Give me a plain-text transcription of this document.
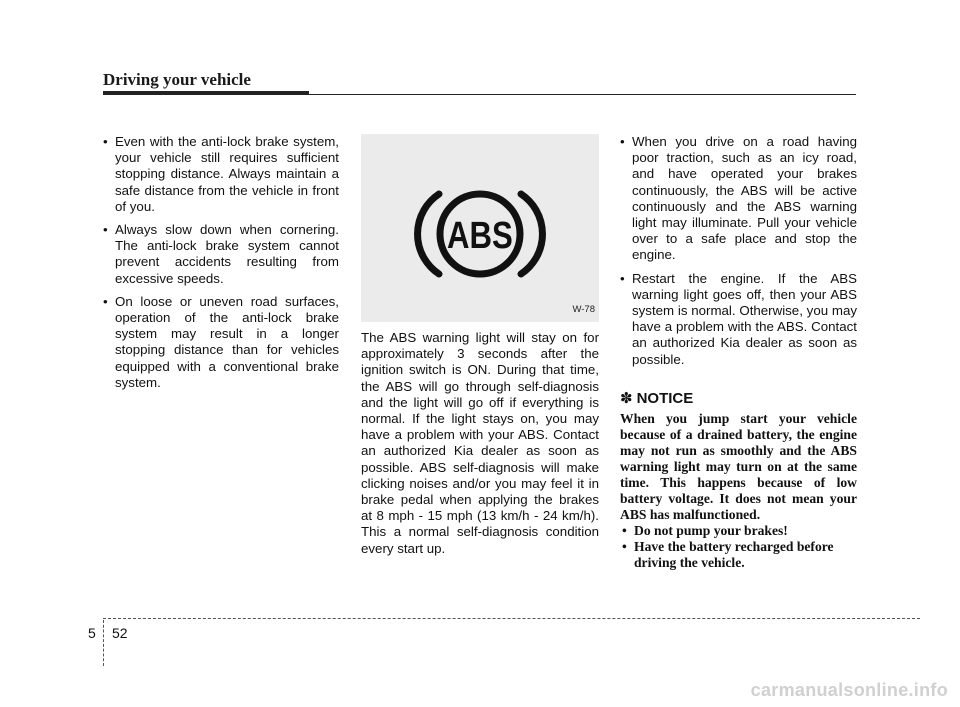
Driving your vehicle
• Even with the anti-lock brake system, your vehicle still requires sufficient stopping distance. Always maintain a safe distance from the vehicle in front of you.
• Always slow down when cornering. The anti-lock brake system cannot prevent accidents resulting from excessive speeds.
• On loose or uneven road surfaces, operation of the anti-lock brake system may result in a longer stopping distance than for vehicles equipped with a conventional brake system.
ABS
W-78

The ABS warning light will stay on for approximately 3 seconds after the ignition switch is ON. During that time, the ABS will go through self-diagnosis and the light will go off if everything is normal. If the light stays on, you may have a problem with your ABS. Contact an authorized Kia dealer as soon as possible. ABS self-diagnosis will make clicking noises and/or you may feel it in brake pedal when applying the brakes at 8 mph - 15 mph (13 km/h - 24 km/h). This a normal self-diagnosis condition every start up.

• When you drive on a road having poor traction, such as an icy road, and have operated your brakes continuously, the ABS will be active continuously and the ABS warning light may illuminate. Pull your vehicle over to a safe place and stop the engine.
• Restart the engine. If the ABS warning light goes off, then your ABS system is normal. Otherwise, you may have a problem with the ABS. Contact an authorized Kia dealer as soon as possible.
✽ NOTICE

When you jump start your vehicle because of a drained battery, the engine may not run as smoothly and the ABS warning light may turn on at the same time. This happens because of low battery voltage. It does not mean your ABS has malfunctioned.

• Do not pump your brakes!
• Have the battery recharged before driving the vehicle.
5 52
carmanualsonline.info
